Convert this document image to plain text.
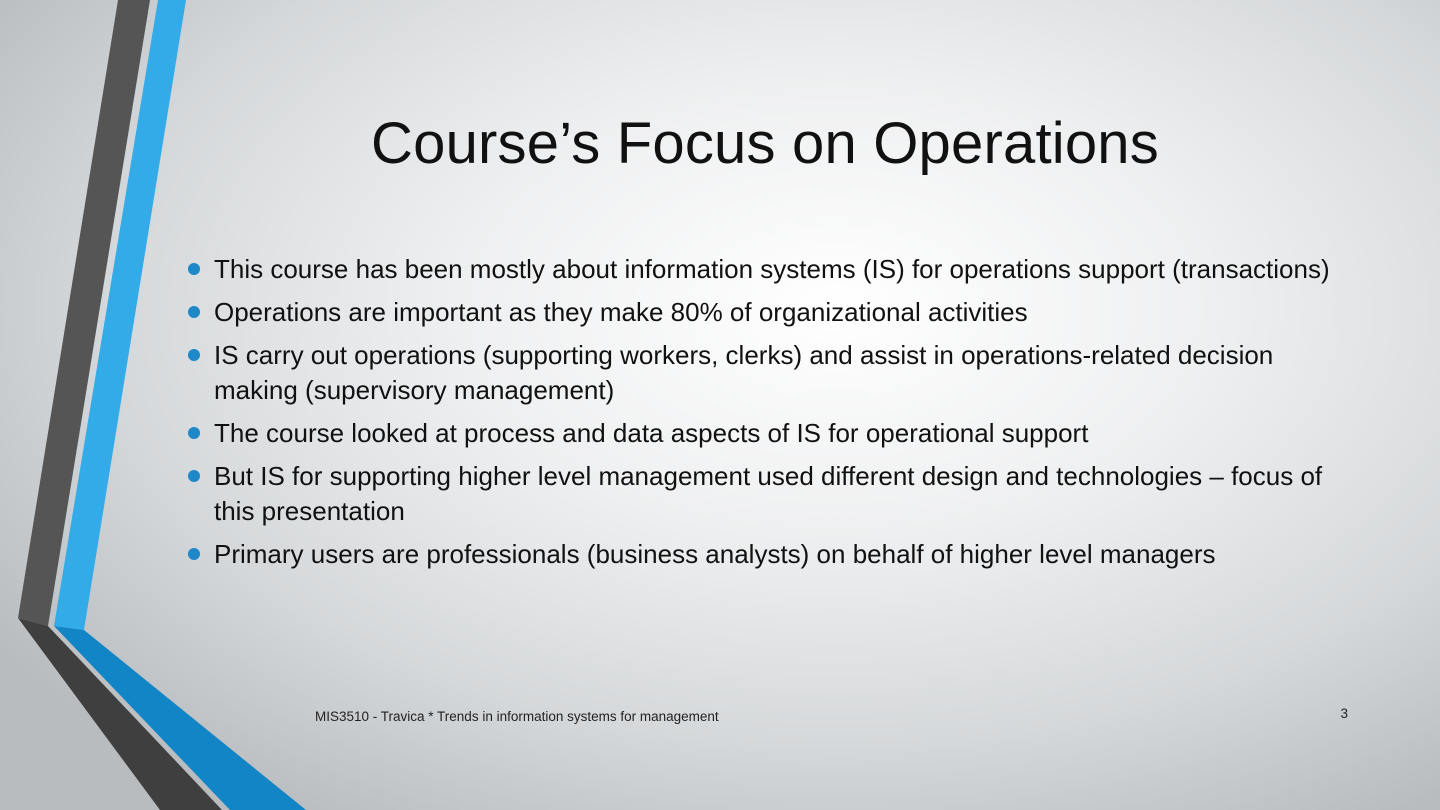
Course’s Focus on Operations
This course has been mostly about information systems (IS) for operations support (transactions)
Operations are important as they make 80% of organizational activities
IS carry out operations (supporting workers, clerks) and assist in operations-related decision making (supervisory management)
The course looked at process and data aspects of IS for operational support
But IS for supporting higher level management used different design and technologies – focus of this presentation
Primary users are professionals (business analysts) on behalf of higher level managers
MIS3510 - Travica * Trends in information systems for management	3
